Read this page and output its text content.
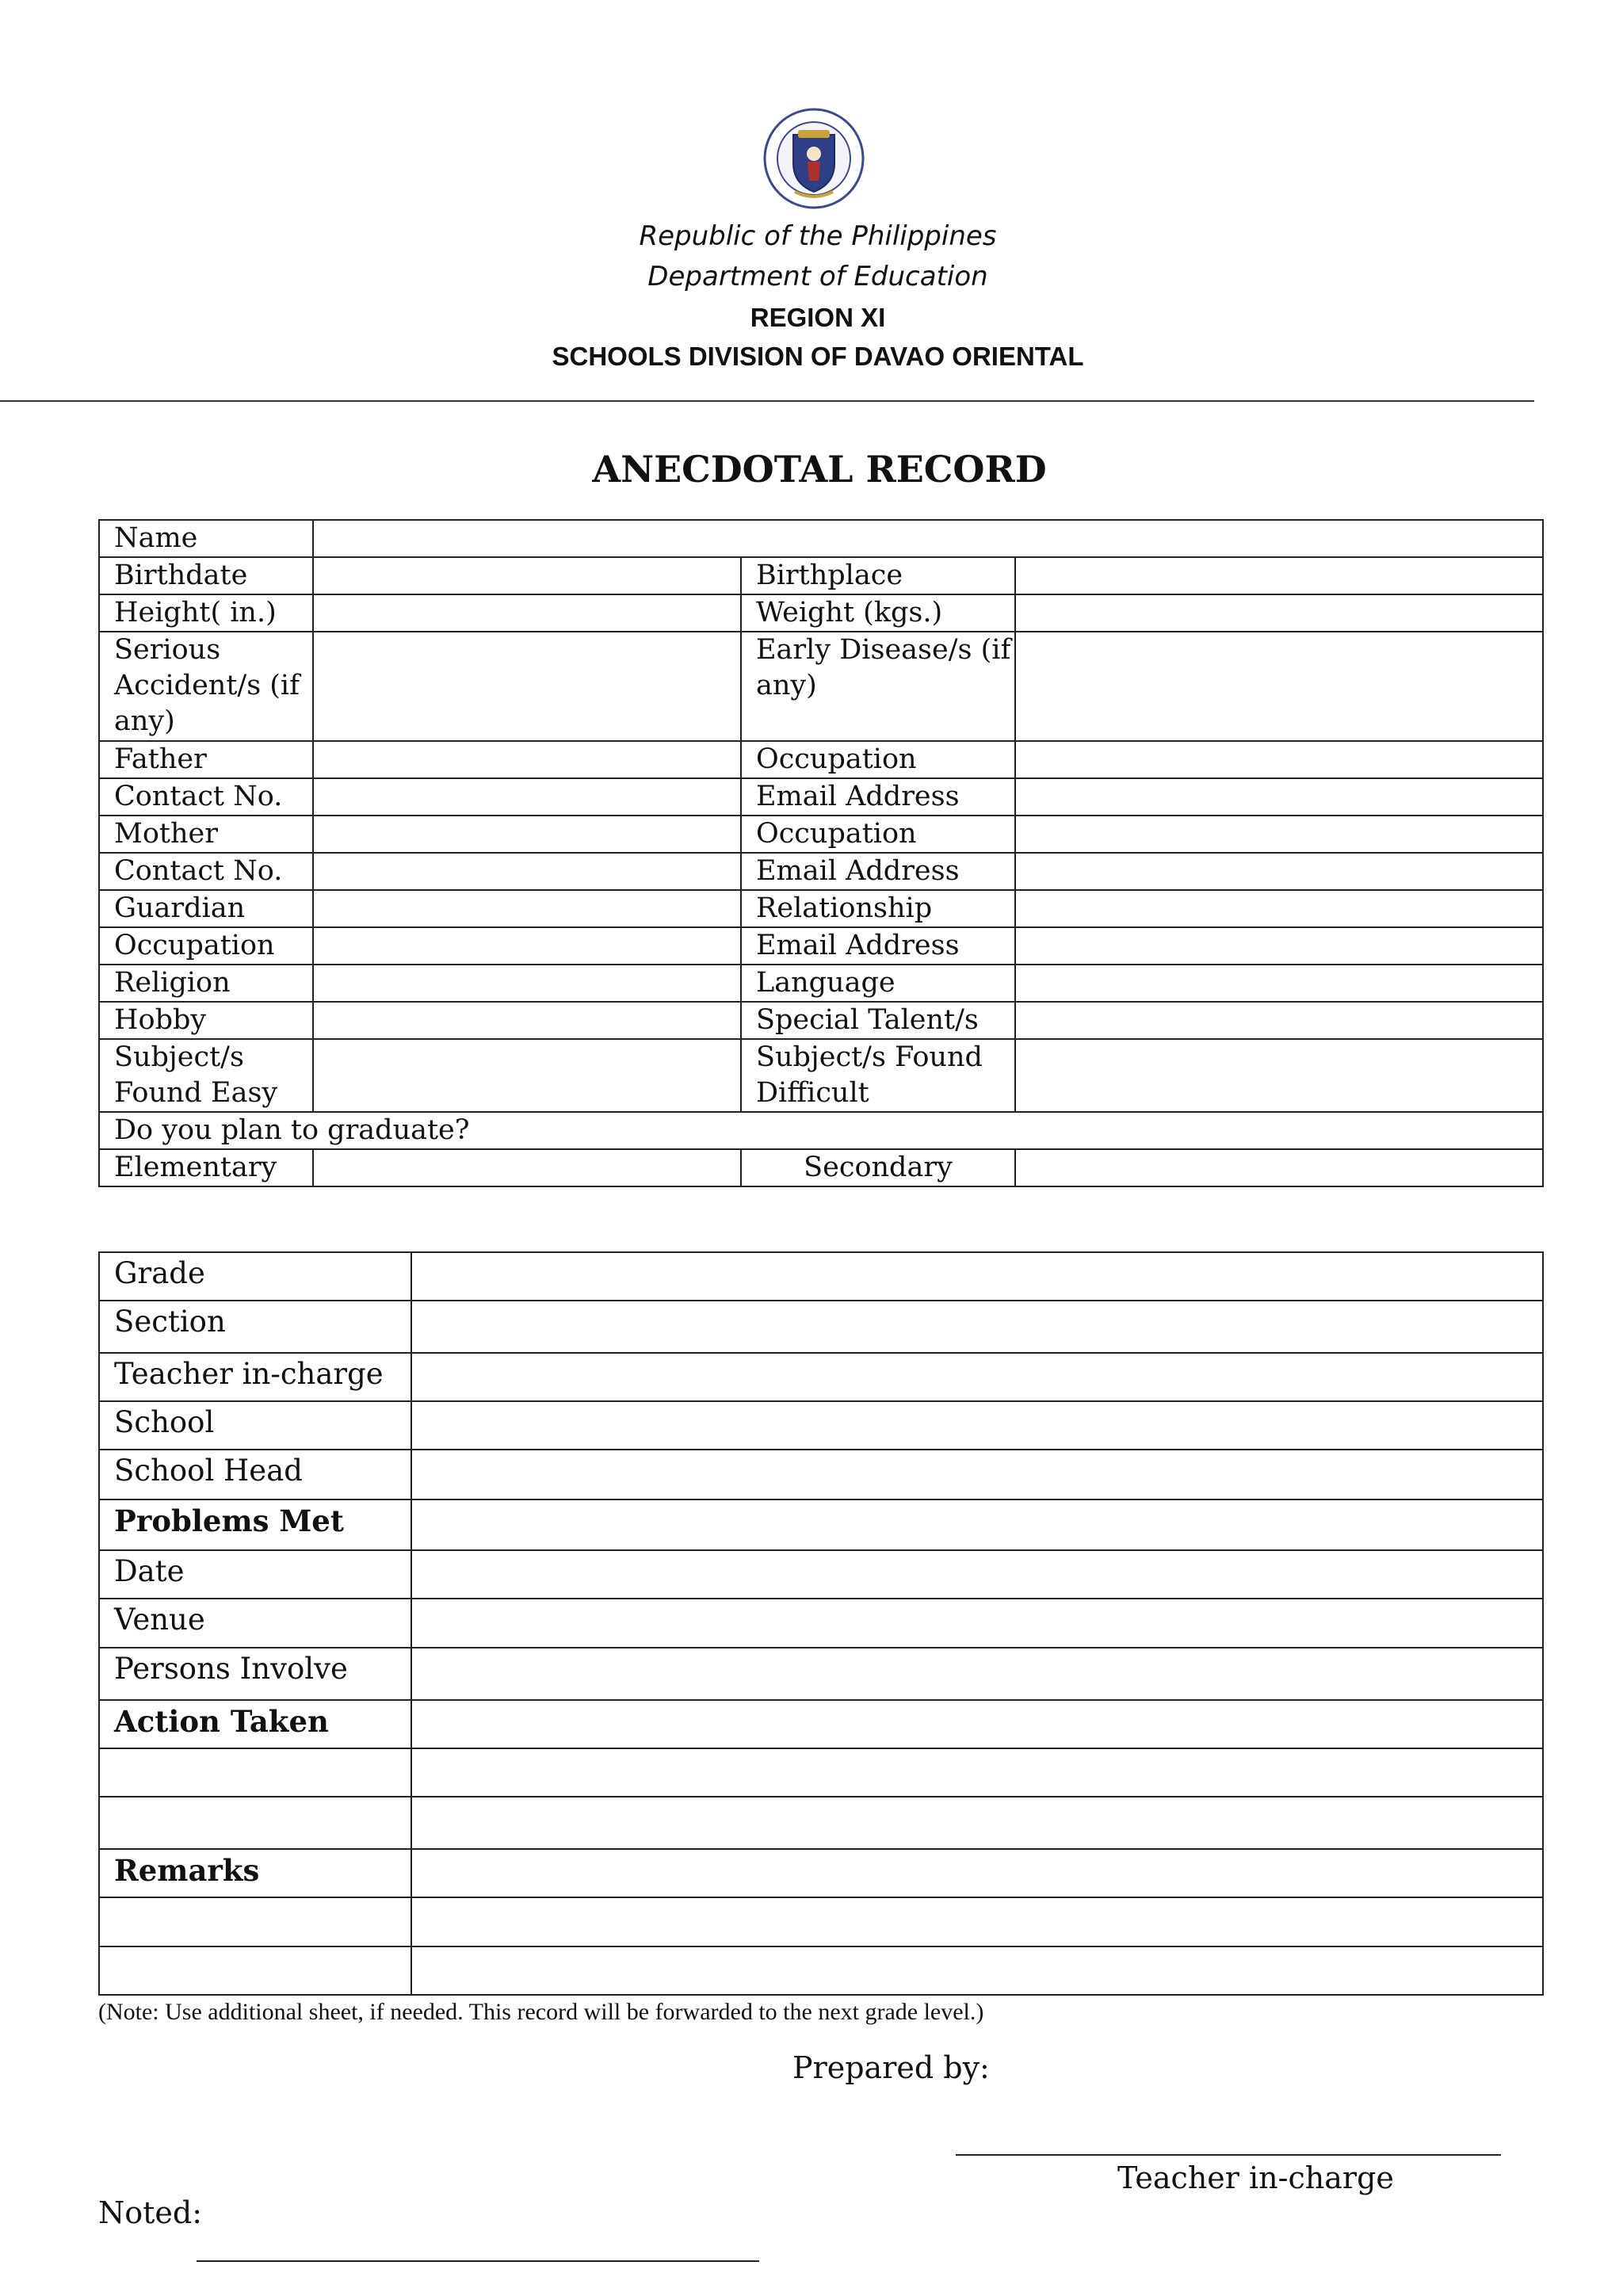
Republic of the Philippines
Department of Education
REGION XI
SCHOOLS DIVISION OF DAVAO ORIENTAL
ANECDOTAL RECORD
Name			
Birthdate		Birthplace	
Height( in.)		Weight (kgs.)	
Serious Accident/s (if any)		Early Disease/s (if any)	
Father		Occupation	
Contact No.		Email Address	
Mother		Occupation	
Contact No.		Email Address	
Guardian		Relationship	
Occupation		Email Address	
Religion		Language	
Hobby		Special Talent/s	
Subject/s Found Easy		Subject/s Found Difficult	
Do you plan to graduate?			
Elementary		Secondary	
Grade	
Section	
Teacher in-charge	
School	
School Head	
Problems Met	
Date	
Venue	
Persons Involve	
Action Taken	

Remarks	

(Note: Use additional sheet, if needed. This record will be forwarded to the next grade level.)
Prepared by:
Teacher in-charge
Noted:
